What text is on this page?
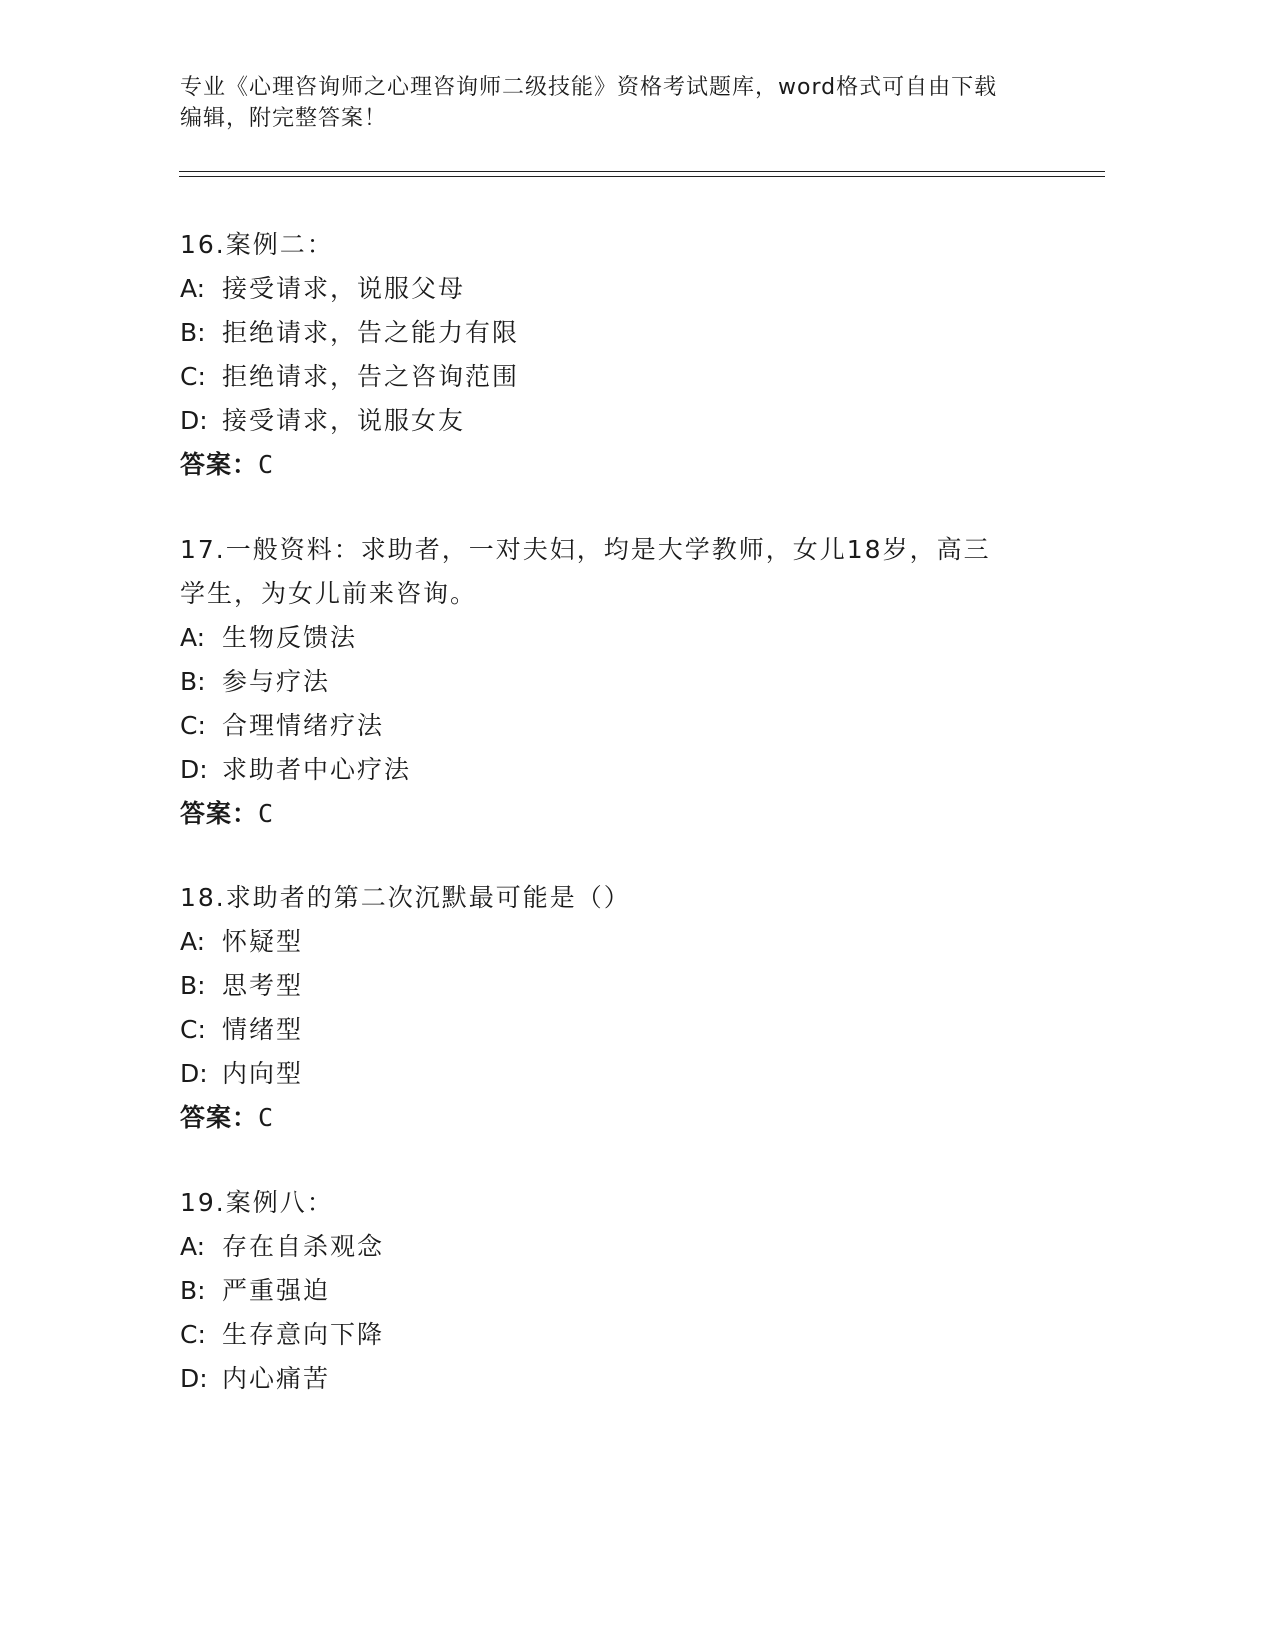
专业《心理咨询师之心理咨询师二级技能》资格考试题库，word格式可自由下载
编辑，附完整答案！
16.案例二：
A: 接受请求，说服父母
B: 拒绝请求，告之能力有限
C: 拒绝请求，告之咨询范围
D: 接受请求，说服女友
答案：C
17.一般资料：求助者，一对夫妇，均是大学教师，女儿18岁，高三
学生，为女儿前来咨询。
A: 生物反馈法
B: 参与疗法
C: 合理情绪疗法
D: 求助者中心疗法
答案：C
18.求助者的第二次沉默最可能是（）
A: 怀疑型
B: 思考型
C: 情绪型
D: 内向型
答案：C
19.案例八：
A: 存在自杀观念
B: 严重强迫
C: 生存意向下降
D: 内心痛苦
